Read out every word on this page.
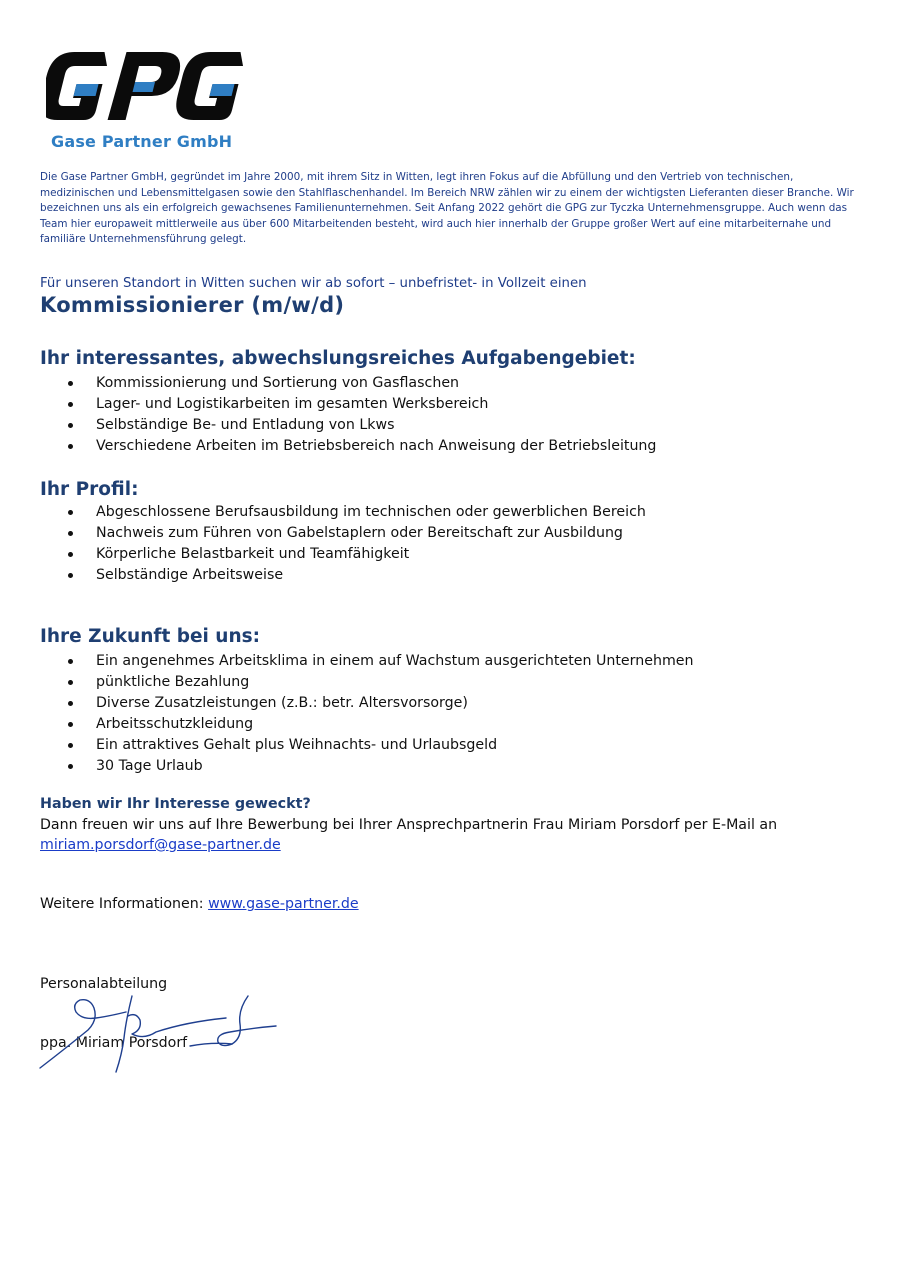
Gase Partner GmbH
Die Gase Partner GmbH, gegründet im Jahre 2000, mit ihrem Sitz in Witten, legt ihren Fokus auf die Abfüllung und den Vertrieb von technischen, medizinischen und Lebensmittelgasen sowie den Stahlflaschenhandel. Im Bereich NRW zählen wir zu einem der wichtigsten Lieferanten dieser Branche. Wir bezeichnen uns als ein erfolgreich gewachsenes Familienunternehmen. Seit Anfang 2022 gehört die GPG zur Tyczka Unternehmensgruppe. Auch wenn das Team hier europaweit mittlerweile aus über 600 Mitarbeitenden besteht, wird auch hier innerhalb der Gruppe großer Wert auf eine mitarbeiternahe und familiäre Unternehmensführung gelegt.
Für unseren Standort in Witten suchen wir ab sofort – unbefristet- in Vollzeit einen
Kommissionierer (m/w/d)
Ihr interessantes, abwechslungsreiches Aufgabengebiet:
Kommissionierung und Sortierung von Gasflaschen
Lager- und Logistikarbeiten im gesamten Werksbereich
Selbständige Be- und Entladung von Lkws
Verschiedene Arbeiten im Betriebsbereich nach Anweisung der Betriebsleitung
Ihr Profil:
Abgeschlossene Berufsausbildung im technischen oder gewerblichen Bereich
Nachweis zum Führen von Gabelstaplern oder Bereitschaft zur Ausbildung
Körperliche Belastbarkeit und Teamfähigkeit
Selbständige Arbeitsweise
Ihre Zukunft bei uns:
Ein angenehmes Arbeitsklima in einem auf Wachstum ausgerichteten Unternehmen
pünktliche Bezahlung
Diverse Zusatzleistungen (z.B.: betr. Altersvorsorge)
Arbeitsschutzkleidung
Ein attraktives Gehalt plus Weihnachts- und Urlaubsgeld
30 Tage Urlaub
Haben wir Ihr Interesse geweckt?
Dann freuen wir uns auf Ihre Bewerbung bei Ihrer Ansprechpartnerin Frau Miriam Porsdorf per E-Mail an
miriam.porsdorf@gase-partner.de
Weitere Informationen: www.gase-partner.de
Personalabteilung
ppa. Miriam Porsdorf
